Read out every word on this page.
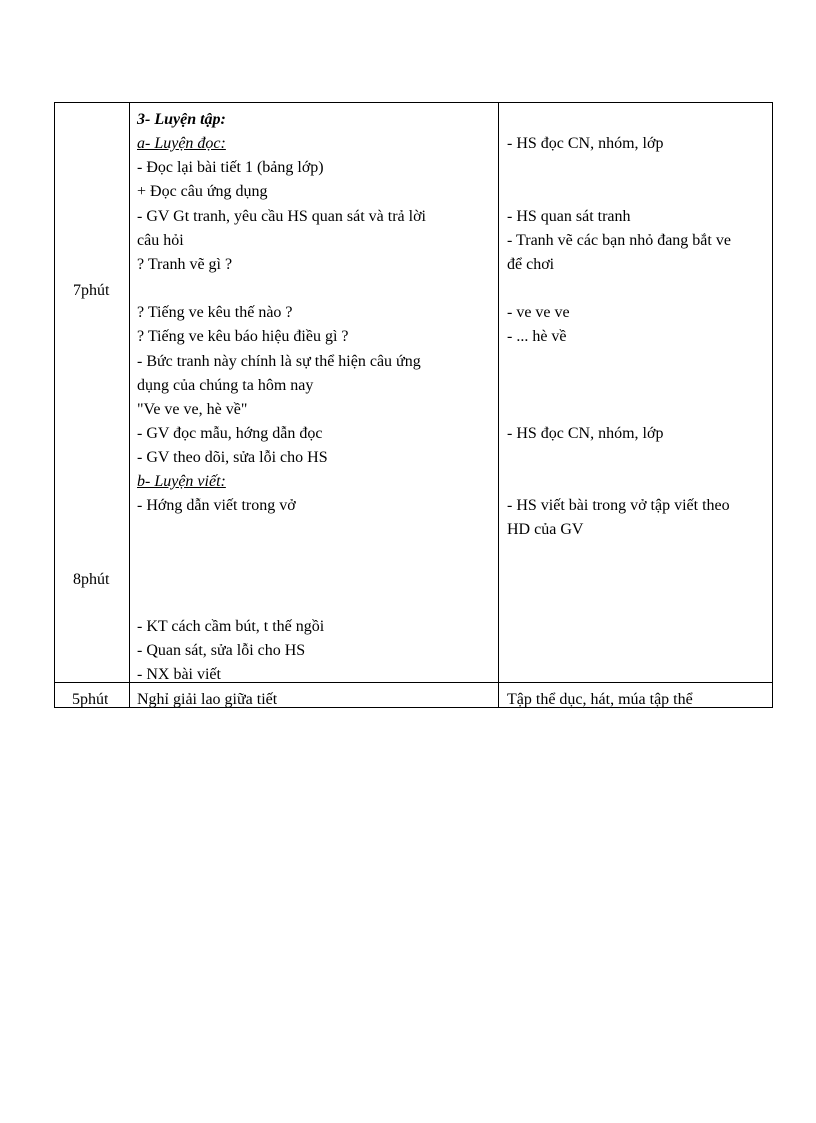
7phút
8phút
3- Luyện tập:
a- Luyện đọc:
- Đọc lại bài tiết 1 (bảng lớp)
+ Đọc câu ứng dụng
- GV Gt tranh, yêu cầu HS quan sát và trả lời
câu hỏi
? Tranh vẽ gì ?
? Tiếng ve kêu thế nào ?
? Tiếng ve kêu báo hiệu điều gì ?
- Bức tranh này chính là sự thể hiện câu ứng
dụng của chúng ta hôm nay
"Ve ve ve, hè về"
- GV đọc mẫu, hớng dẫn đọc
- GV theo dõi, sửa lỗi cho HS
b- Luyện viết:
- Hớng dẫn viết trong vở
- KT cách cầm bút, t thế ngồi
- Quan sát, sửa lỗi cho HS
- NX bài viết
- HS đọc CN, nhóm, lớp
- HS quan sát tranh
- Tranh vẽ các bạn nhỏ đang bắt ve
để chơi
- ve ve ve
- ... hè về
- HS đọc CN, nhóm, lớp
- HS viết bài trong vở tập viết theo
HD của GV
5phút Nghỉ giải lao giữa tiết	Tập thể dục, hát, múa tập thể
